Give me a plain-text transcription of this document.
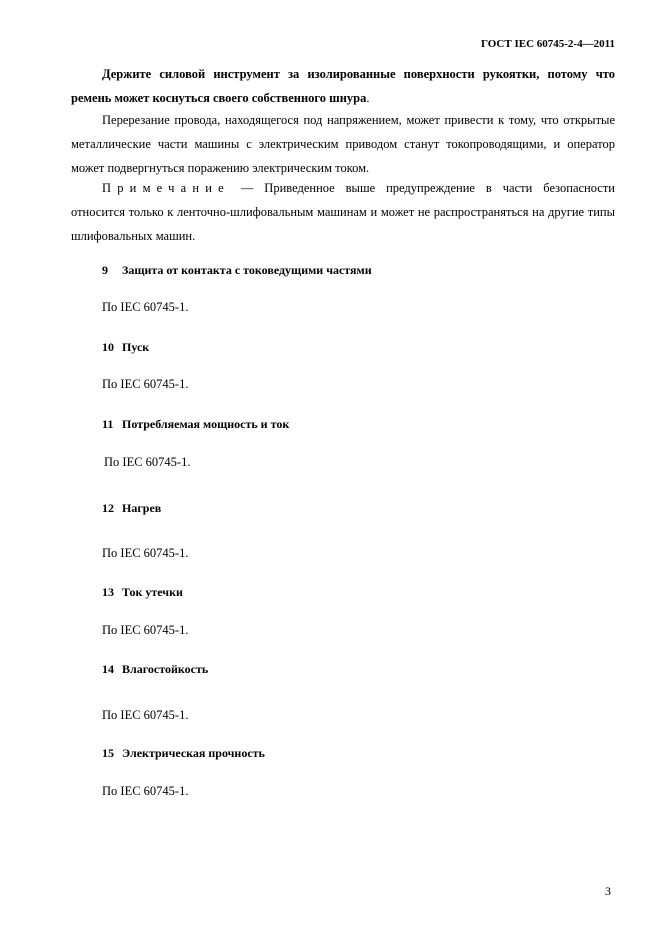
ГОСТ IEC 60745-2-4—2011

Держите силовой инструмент за изолированные поверхности рукоятки, потому что ремень может коснуться своего собственного шнура.

Перерезание провода, находящегося под напряжением, может привести к тому, что открытые металлические части машины с электрическим приводом станут токопроводящими, и оператор может подвергнуться поражению электрическим током.

Примечание — Приведенное выше предупреждение в части безопасности относится только к ленточно-шлифовальным машинам и может не распространяться на другие типы шлифовальных машин.

9 Защита от контакта с токоведущими частями
По IEC 60745-1.
10 Пуск
По IEC 60745-1.
11 Потребляемая мощность и ток
По IEC 60745-1.
12 Нагрев
По IEC 60745-1.
13 Ток утечки
По IEC 60745-1.
14 Влагостойкость
По IEC 60745-1.
15 Электрическая прочность
По IEC 60745-1.
3
